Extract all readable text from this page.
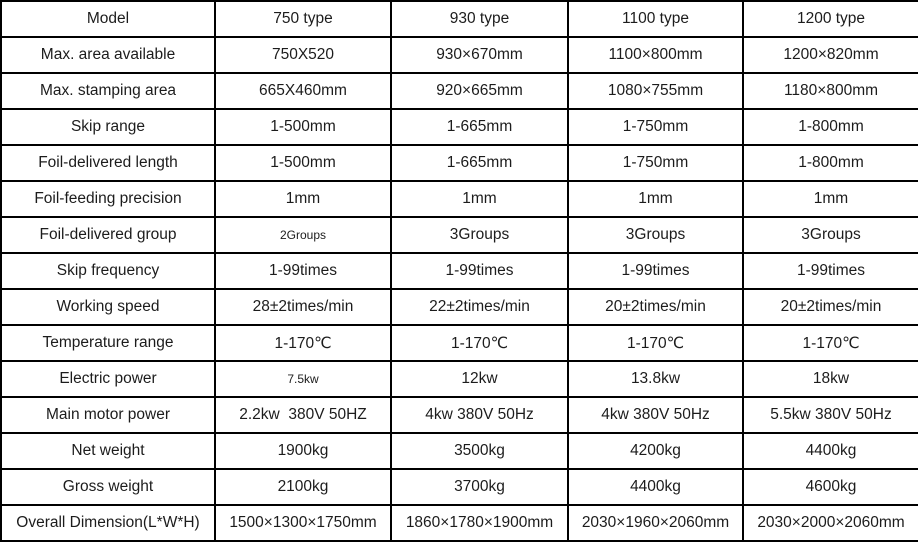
Model	750 type	930 type	1100 type	1200 type
Max. area available	750X520	930×670mm	1100×800mm	1200×820mm
Max. stamping area	665X460mm	920×665mm	1080×755mm	1180×800mm
Skip range	1-500mm	1-665mm	1-750mm	1-800mm
Foil-delivered length	1-500mm	1-665mm	1-750mm	1-800mm
Foil-feeding precision	1mm	1mm	1mm	1mm
Foil-delivered group	2Groups	3Groups	3Groups	3Groups
Skip frequency	1-99times	1-99times	1-99times	1-99times
Working speed	28±2times/min	22±2times/min	20±2times/min	20±2times/min
Temperature range	1-170℃	1-170℃	1-170℃	1-170℃
Electric power	7.5kw	12kw	13.8kw	18kw
Main motor power	2.2kw  380V 50HZ	4kw 380V 50Hz	4kw 380V 50Hz	5.5kw 380V 50Hz
Net weight	1900kg	3500kg	4200kg	4400kg
Gross weight	2100kg	3700kg	4400kg	4600kg
Overall Dimension(L*W*H)	1500×1300×1750mm	1860×1780×1900mm	2030×1960×2060mm	2030×2000×2060mm
